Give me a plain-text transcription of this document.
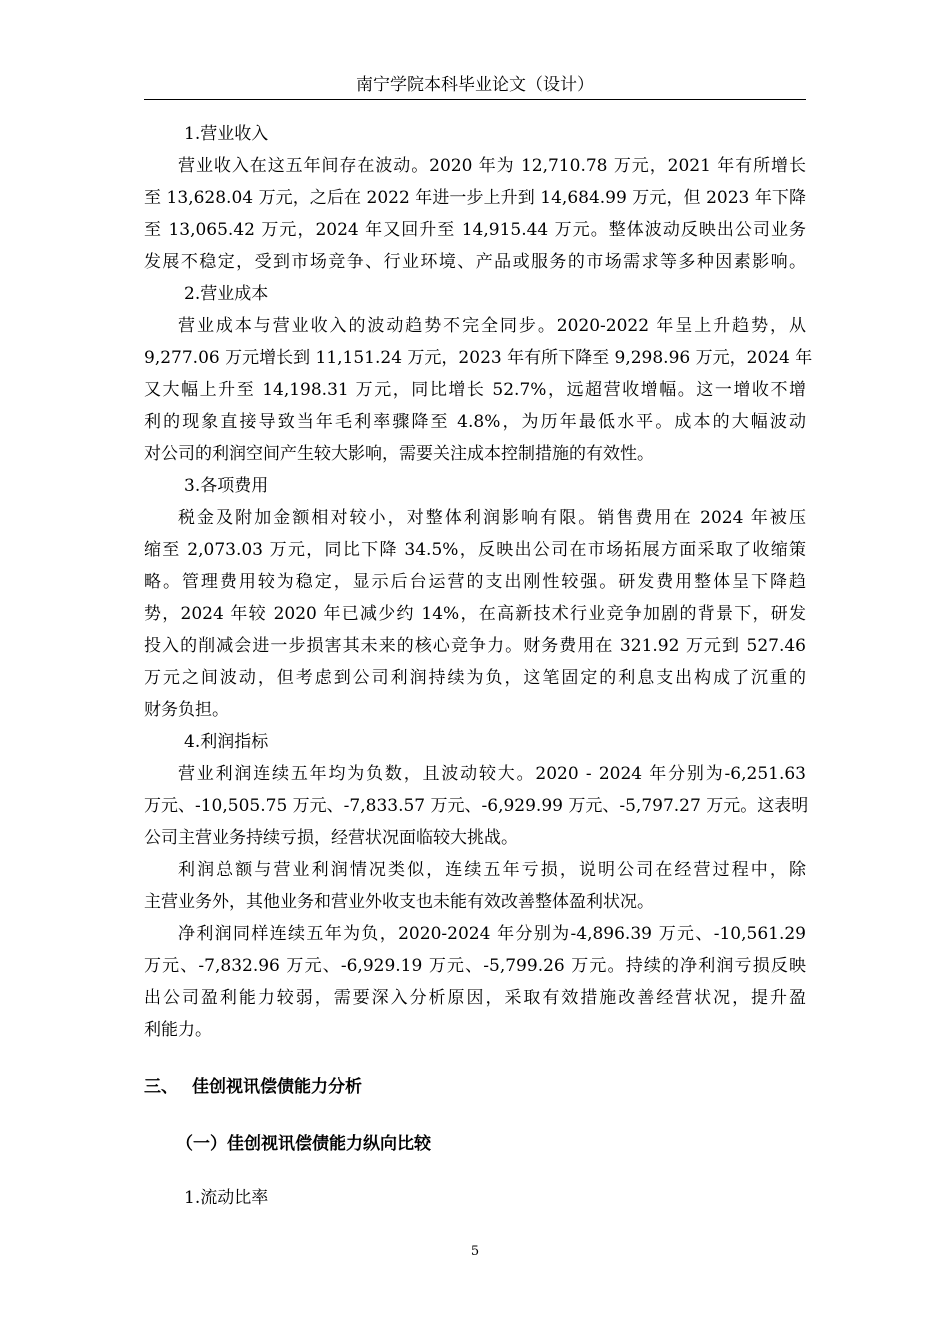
南宁学院本科毕业论文（设计）
1.营业收入
营业收入在这五年间存在波动。2020 年为 12,710.78 万元，2021 年有所增长
至 13,628.04 万元，之后在 2022 年进一步上升到 14,684.99 万元，但 2023 年下降
至 13,065.42 万元，2024 年又回升至 14,915.44 万元。整体波动反映出公司业务
发展不稳定，受到市场竞争、行业环境、产品或服务的市场需求等多种因素影响。
2.营业成本
营业成本与营业收入的波动趋势不完全同步。2020-2022 年呈上升趋势，从
9,277.06 万元增长到 11,151.24 万元，2023 年有所下降至 9,298.96 万元，2024 年
又大幅上升至 14,198.31 万元，同比增长 52.7%，远超营收增幅。这一增收不增
利的现象直接导致当年毛利率骤降至 4.8%，为历年最低水平。成本的大幅波动
对公司的利润空间产生较大影响，需要关注成本控制措施的有效性。
3.各项费用
税金及附加金额相对较小，对整体利润影响有限。销售费用在 2024 年被压
缩至 2,073.03 万元，同比下降 34.5%，反映出公司在市场拓展方面采取了收缩策
略。管理费用较为稳定，显示后台运营的支出刚性较强。研发费用整体呈下降趋
势，2024 年较 2020 年已减少约 14%，在高新技术行业竞争加剧的背景下，研发
投入的削减会进一步损害其未来的核心竞争力。财务费用在 321.92 万元到 527.46
万元之间波动，但考虑到公司利润持续为负，这笔固定的利息支出构成了沉重的
财务负担。
4.利润指标
营业利润连续五年均为负数，且波动较大。2020 - 2024 年分别为-6,251.63
万元、-10,505.75 万元、-7,833.57 万元、-6,929.99 万元、-5,797.27 万元。这表明
公司主营业务持续亏损，经营状况面临较大挑战。
利润总额与营业利润情况类似，连续五年亏损，说明公司在经营过程中，除
主营业务外，其他业务和营业外收支也未能有效改善整体盈利状况。
净利润同样连续五年为负，2020-2024 年分别为-4,896.39 万元、-10,561.29
万元、-7,832.96 万元、-6,929.19 万元、-5,799.26 万元。持续的净利润亏损反映
出公司盈利能力较弱，需要深入分析原因，采取有效措施改善经营状况，提升盈
利能力。
三、 佳创视讯偿债能力分析
（一）佳创视讯偿债能力纵向比较
1.流动比率
5
